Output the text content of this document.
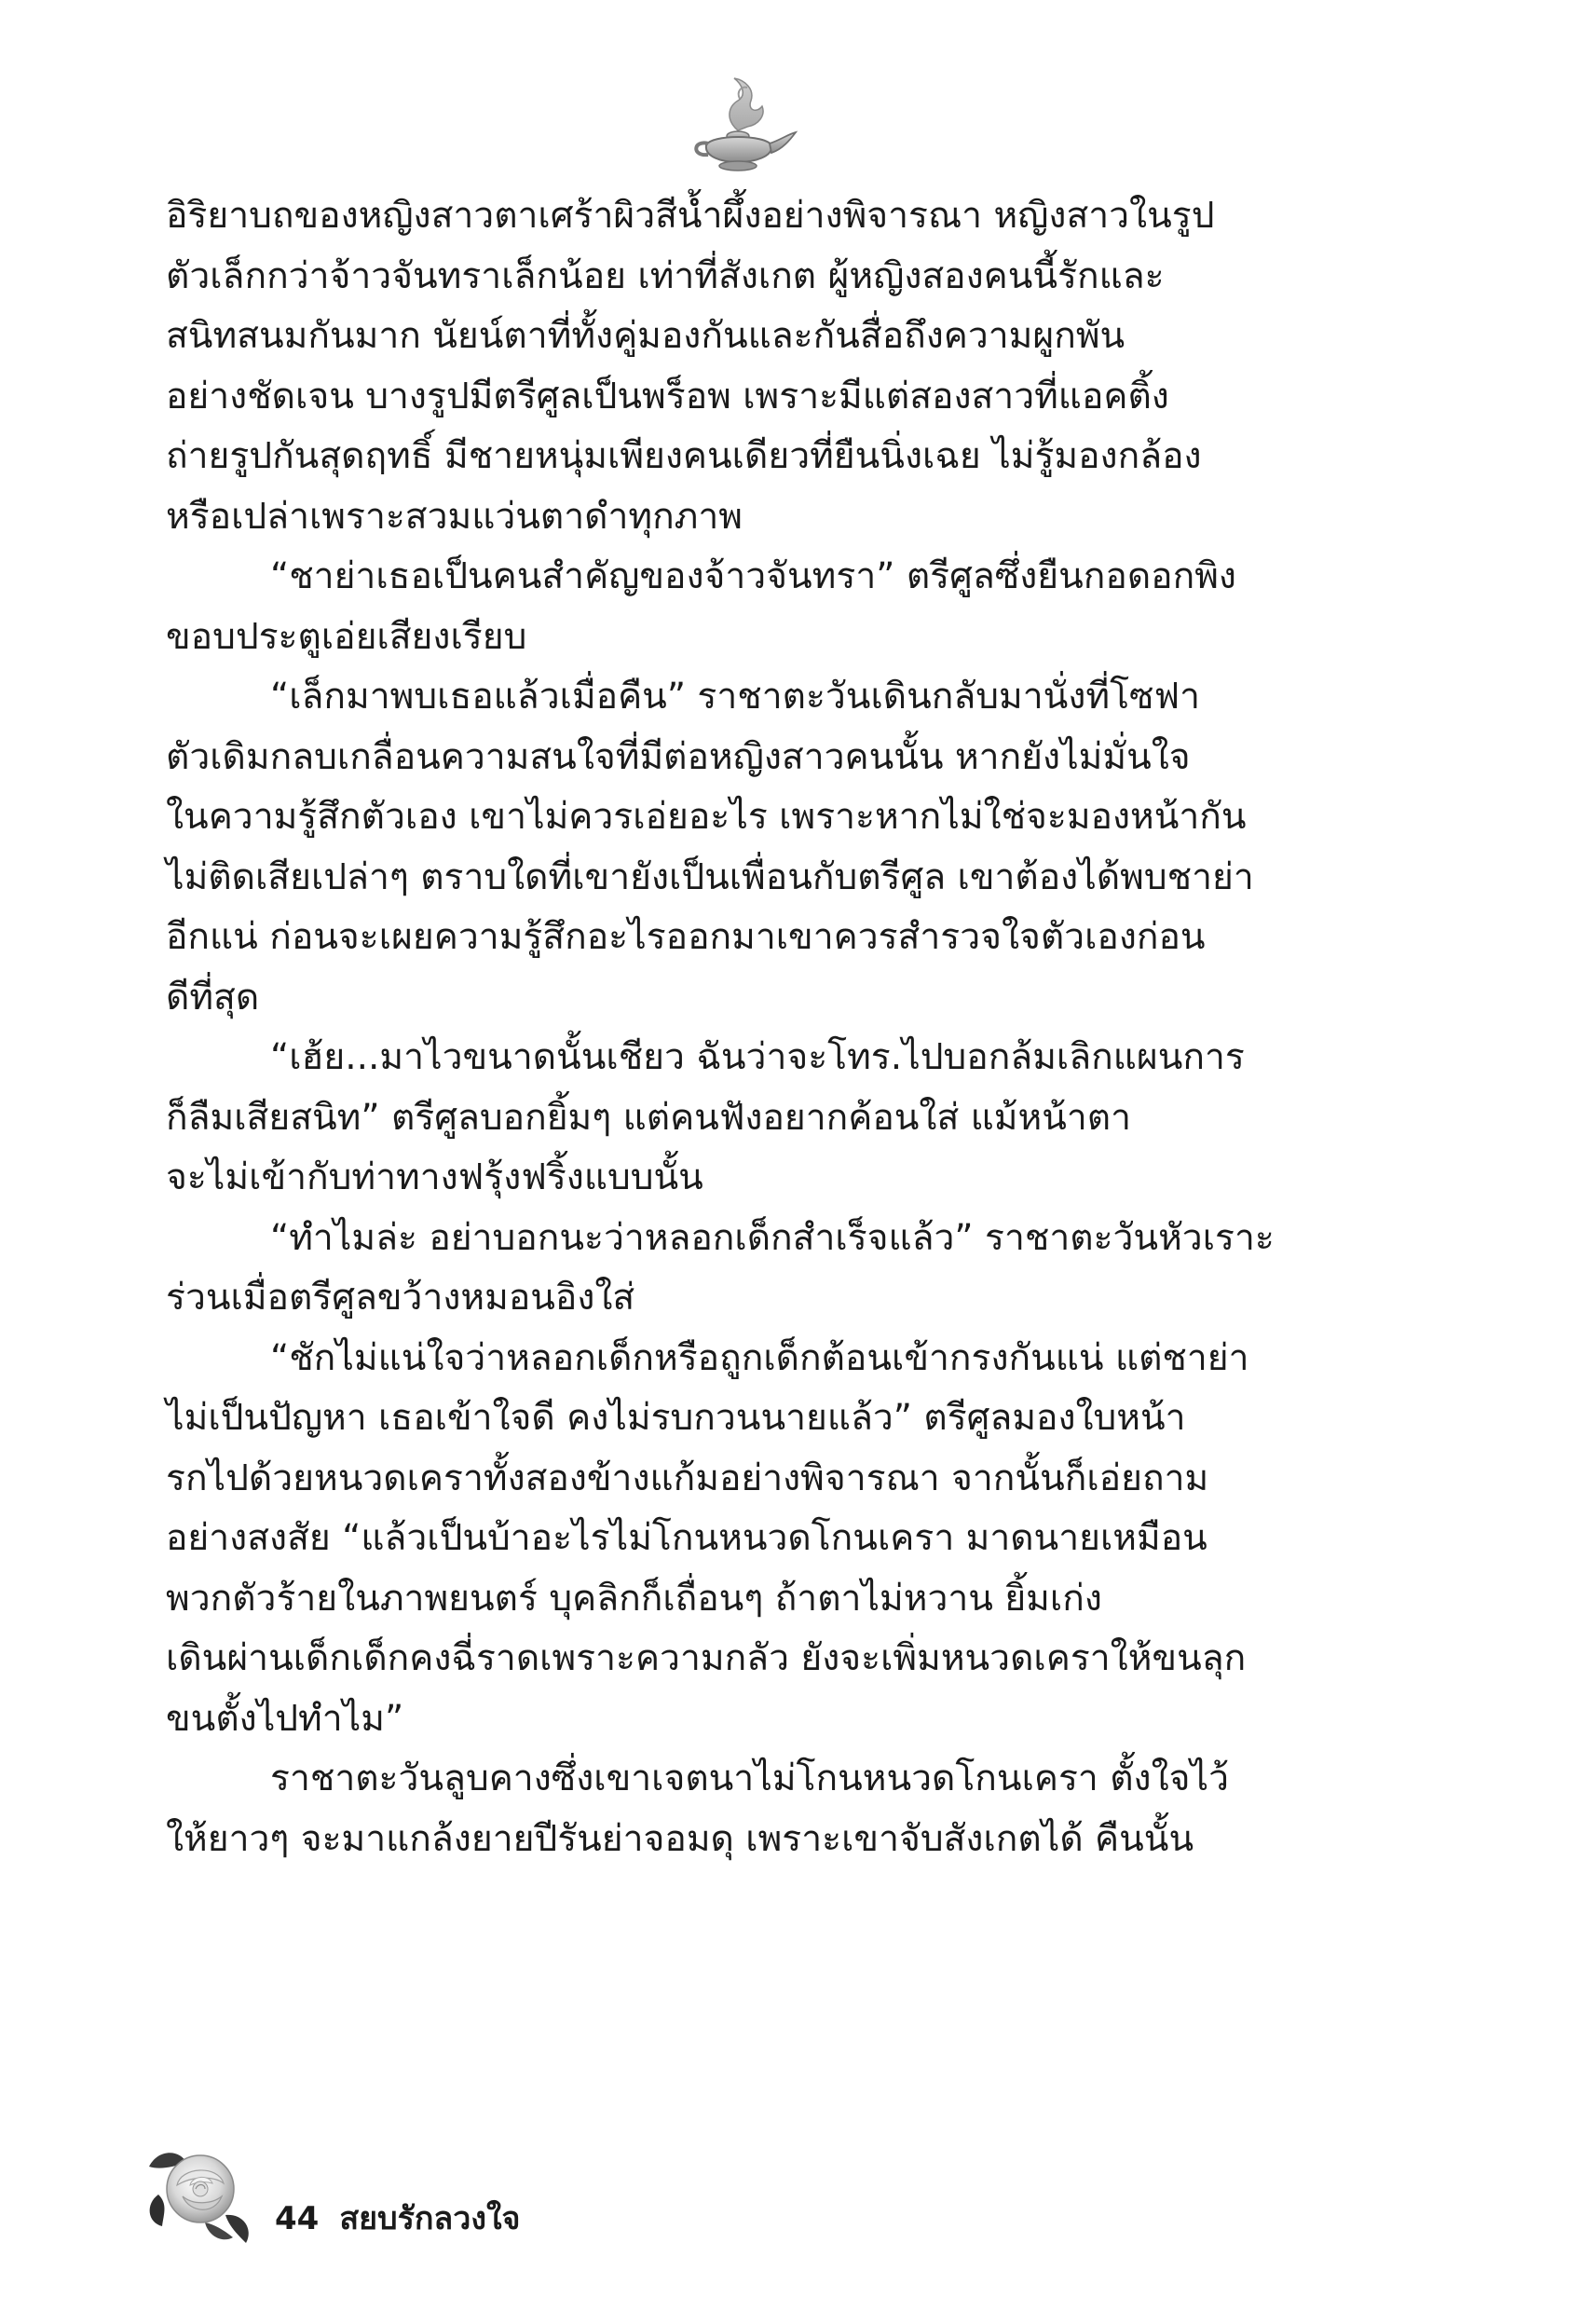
อิริยาบถของหญิงสาวตาเศร้าผิวสีน้ำผึ้งอย่างพิจารณา หญิงสาวในรูป
ตัวเล็กกว่าจ้าวจันทราเล็กน้อย เท่าที่สังเกต ผู้หญิงสองคนนี้รักและ
สนิทสนมกันมาก นัยน์ตาที่ทั้งคู่มองกันและกันสื่อถึงความผูกพัน
อย่างชัดเจน บางรูปมีตรีศูลเป็นพร็อพ เพราะมีแต่สองสาวที่แอคติ้ง
ถ่ายรูปกันสุดฤทธิ์ มีชายหนุ่มเพียงคนเดียวที่ยืนนิ่งเฉย ไม่รู้มองกล้อง
หรือเปล่าเพราะสวมแว่นตาดำทุกภาพ

“ชาย่าเธอเป็นคนสำคัญของจ้าวจันทรา” ตรีศูลซึ่งยืนกอดอกพิง
ขอบประตูเอ่ยเสียงเรียบ

“เล็กมาพบเธอแล้วเมื่อคืน” ราชาตะวันเดินกลับมานั่งที่โซฟา
ตัวเดิมกลบเกลื่อนความสนใจที่มีต่อหญิงสาวคนนั้น หากยังไม่มั่นใจ
ในความรู้สึกตัวเอง เขาไม่ควรเอ่ยอะไร เพราะหากไม่ใช่จะมองหน้ากัน
ไม่ติดเสียเปล่าๆ ตราบใดที่เขายังเป็นเพื่อนกับตรีศูล เขาต้องได้พบชาย่า
อีกแน่ ก่อนจะเผยความรู้สึกอะไรออกมาเขาควรสำรวจใจตัวเองก่อน
ดีที่สุด

“เฮ้ย...มาไวขนาดนั้นเชียว ฉันว่าจะโทร.ไปบอกล้มเลิกแผนการ
ก็ลืมเสียสนิท” ตรีศูลบอกยิ้มๆ แต่คนฟังอยากค้อนใส่ แม้หน้าตา
จะไม่เข้ากับท่าทางฟรุ้งฟริ้งแบบนั้น

“ทำไมล่ะ อย่าบอกนะว่าหลอกเด็กสำเร็จแล้ว” ราชาตะวันหัวเราะ
ร่วนเมื่อตรีศูลขว้างหมอนอิงใส่

“ชักไม่แน่ใจว่าหลอกเด็กหรือถูกเด็กต้อนเข้ากรงกันแน่ แต่ชาย่า
ไม่เป็นปัญหา เธอเข้าใจดี คงไม่รบกวนนายแล้ว” ตรีศูลมองใบหน้า
รกไปด้วยหนวดเคราทั้งสองข้างแก้มอย่างพิจารณา จากนั้นก็เอ่ยถาม
อย่างสงสัย “แล้วเป็นบ้าอะไรไม่โกนหนวดโกนเครา มาดนายเหมือน
พวกตัวร้ายในภาพยนตร์ บุคลิกก็เถื่อนๆ ถ้าตาไม่หวาน ยิ้มเก่ง
เดินผ่านเด็กเด็กคงฉี่ราดเพราะความกลัว ยังจะเพิ่มหนวดเคราให้ขนลุก
ขนตั้งไปทำไม”

ราชาตะวันลูบคางซึ่งเขาเจตนาไม่โกนหนวดโกนเครา ตั้งใจไว้
ให้ยาวๆ จะมาแกล้งยายปีรันย่าจอมดุ เพราะเขาจับสังเกตได้ คืนนั้น

44 สยบรักลวงใจ
